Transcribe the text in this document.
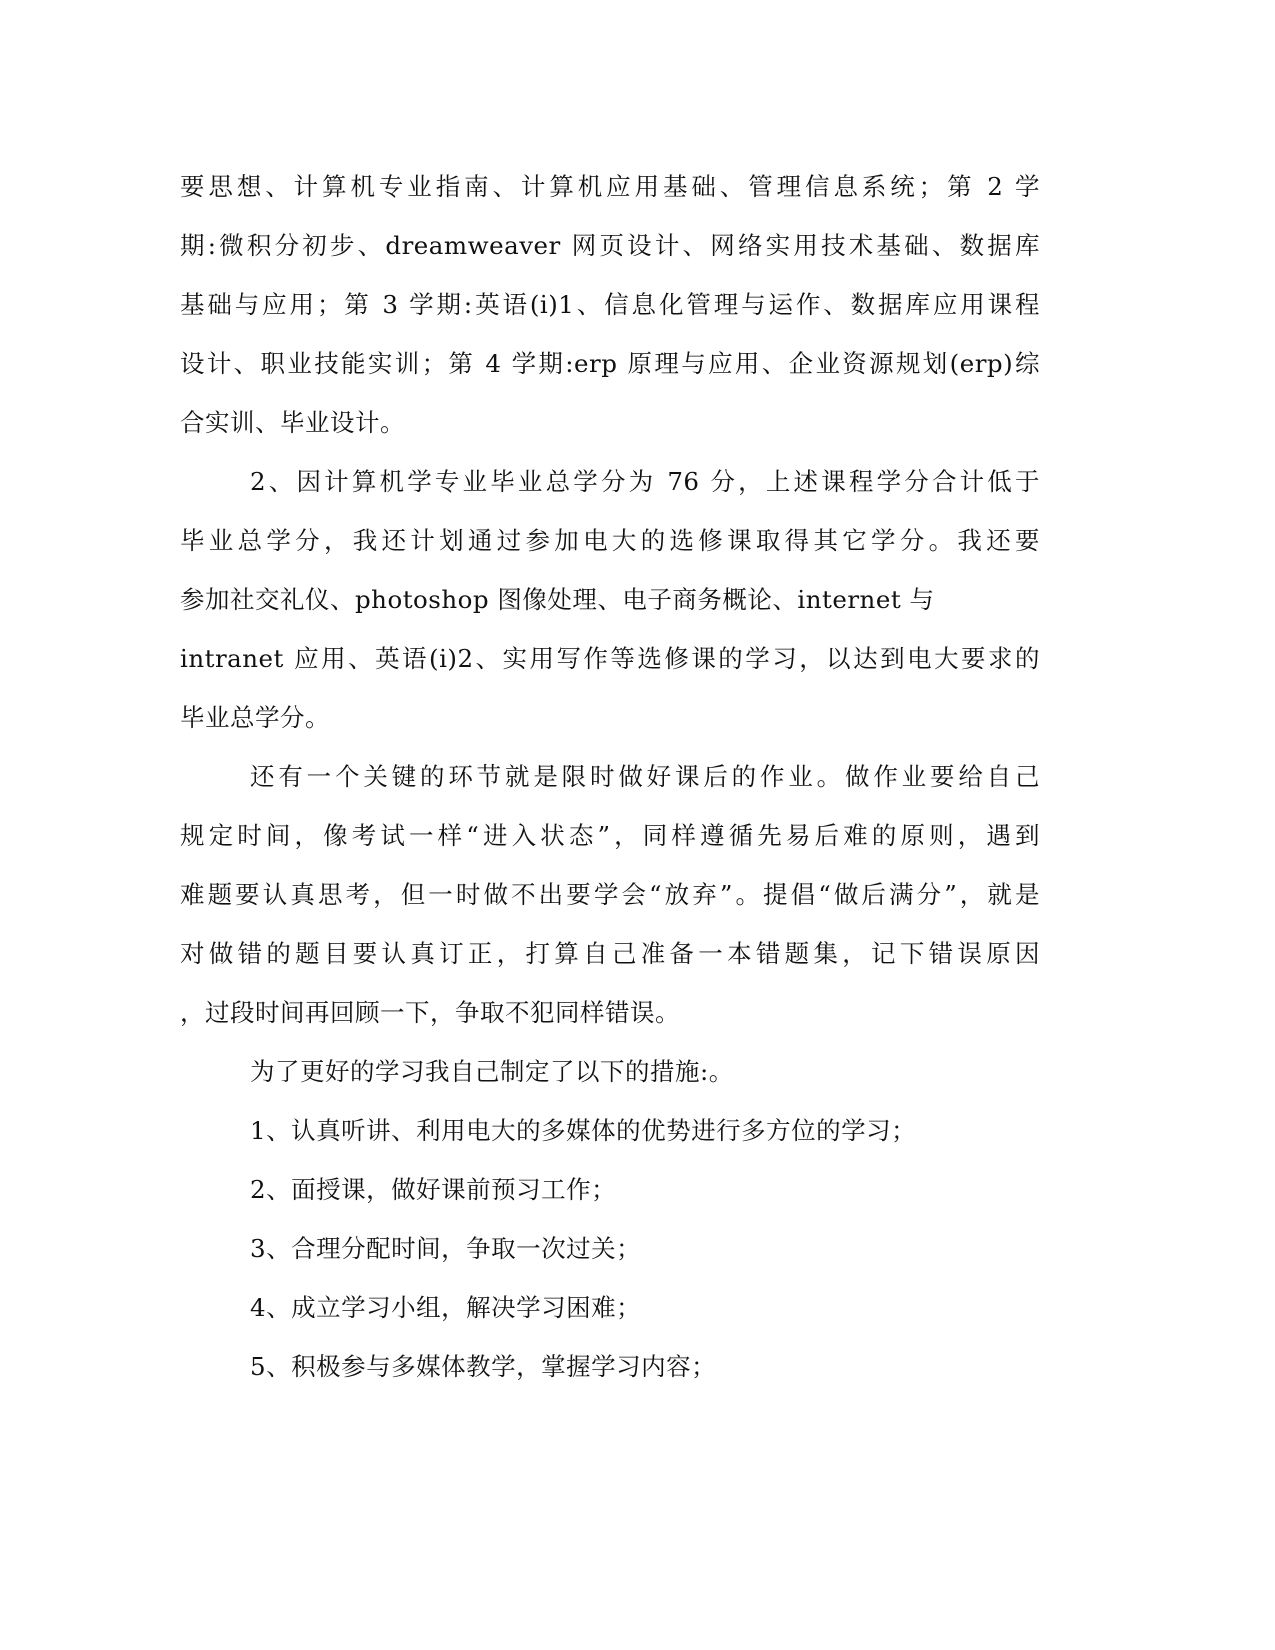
要思想、计算机专业指南、计算机应用基础、管理信息系统；第 2 学
期:微积分初步、dreamweaver 网页设计、网络实用技术基础、数据库
基础与应用；第 3 学期:英语(i)1、信息化管理与运作、数据库应用课程
设计、职业技能实训；第 4 学期:erp 原理与应用、企业资源规划(erp)综
合实训、毕业设计。
2、因计算机学专业毕业总学分为 76 分，上述课程学分合计低于
毕业总学分，我还计划通过参加电大的选修课取得其它学分。我还要
参加社交礼仪、photoshop 图像处理、电子商务概论、internet 与
intranet 应用、英语(i)2、实用写作等选修课的学习，以达到电大要求的
毕业总学分。
还有一个关键的环节就是限时做好课后的作业。做作业要给自己
规定时间，像考试一样“进入状态”，同样遵循先易后难的原则，遇到
难题要认真思考，但一时做不出要学会“放弃”。提倡“做后满分”，就是
对做错的题目要认真订正，打算自己准备一本错题集，记下错误原因
，过段时间再回顾一下，争取不犯同样错误。
为了更好的学习我自己制定了以下的措施:。
1、认真听讲、利用电大的多媒体的优势进行多方位的学习；
2、面授课，做好课前预习工作；
3、合理分配时间，争取一次过关；
4、成立学习小组，解决学习困难；
5、积极参与多媒体教学，掌握学习内容；
